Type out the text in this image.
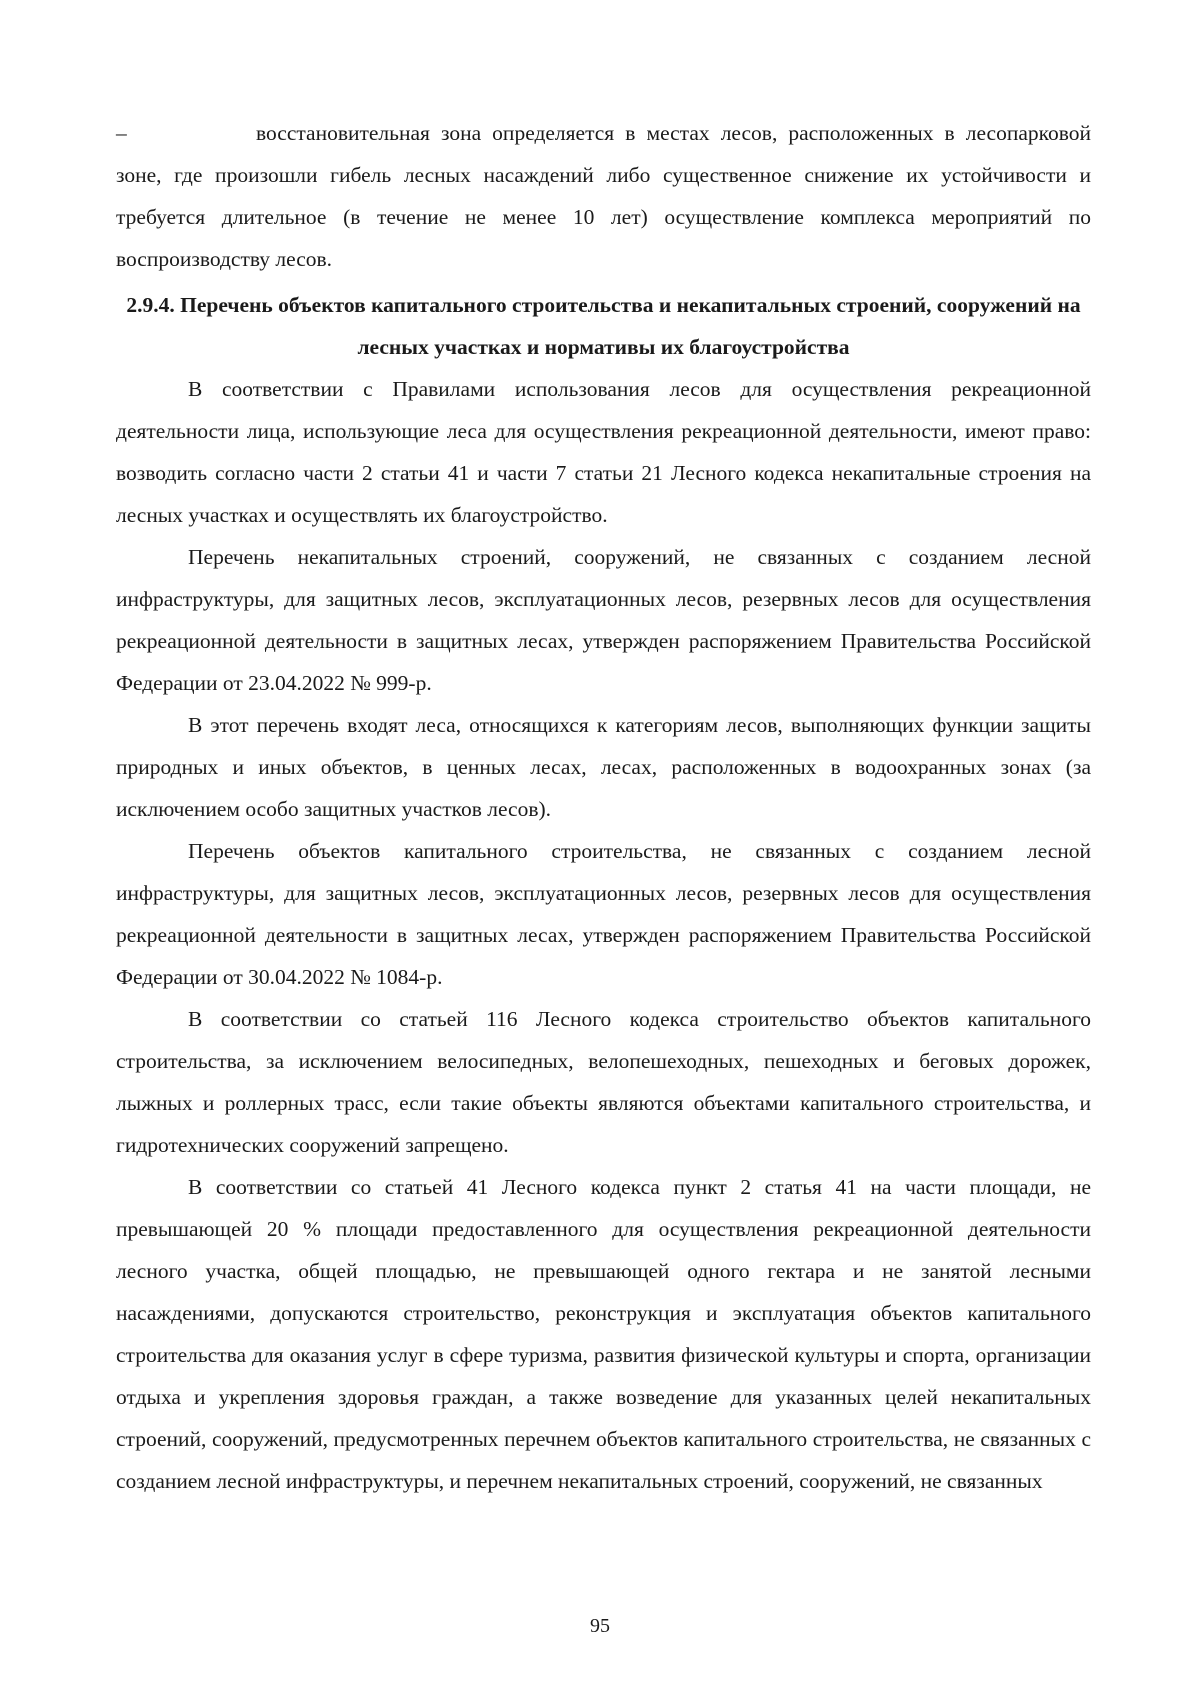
–	восстановительная зона определяется в местах лесов, расположенных в лесопарковой зоне, где произошли гибель лесных насаждений либо существенное снижение их устойчивости и требуется длительное (в течение не менее 10 лет) осуществление комплекса мероприятий по воспроизводству лесов.

2.9.4. Перечень объектов капитального строительства и некапитальных строений, сооружений на лесных участках и нормативы их благоустройства

В соответствии с Правилами использования лесов для осуществления рекреационной деятельности лица, использующие леса для осуществления рекреационной деятельности, имеют право: возводить согласно части 2 статьи 41 и части 7 статьи 21 Лесного кодекса некапитальные строения на лесных участках и осуществлять их благоустройство.

Перечень некапитальных строений, сооружений, не связанных с созданием лесной инфраструктуры, для защитных лесов, эксплуатационных лесов, резервных лесов для осуществления рекреационной деятельности в защитных лесах, утвержден распоряжением Правительства Российской Федерации от 23.04.2022 № 999-р.

В этот перечень входят леса, относящихся к категориям лесов, выполняющих функции защиты природных и иных объектов, в ценных лесах, лесах, расположенных в водоохранных зонах (за исключением особо защитных участков лесов).

Перечень объектов капитального строительства, не связанных с созданием лесной инфраструктуры, для защитных лесов, эксплуатационных лесов, резервных лесов для осуществления рекреационной деятельности в защитных лесах, утвержден распоряжением Правительства Российской Федерации от 30.04.2022 № 1084-р.

В соответствии со статьей 116 Лесного кодекса строительство объектов капитального строительства, за исключением велосипедных, велопешеходных, пешеходных и беговых дорожек, лыжных и роллерных трасс, если такие объекты являются объектами капитального строительства, и гидротехнических сооружений запрещено.

В соответствии со статьей 41 Лесного кодекса пункт 2 статья 41 на части площади, не превышающей 20 % площади предоставленного для осуществления рекреационной деятельности лесного участка, общей площадью, не превышающей одного гектара и не занятой лесными насаждениями, допускаются строительство, реконструкция и эксплуатация объектов капитального строительства для оказания услуг в сфере туризма, развития физической культуры и спорта, организации отдыха и укрепления здоровья граждан, а также возведение для указанных целей некапитальных строений, сооружений, предусмотренных перечнем объектов капитального строительства, не связанных с созданием лесной инфраструктуры, и перечнем некапитальных строений, сооружений, не связанных

95
